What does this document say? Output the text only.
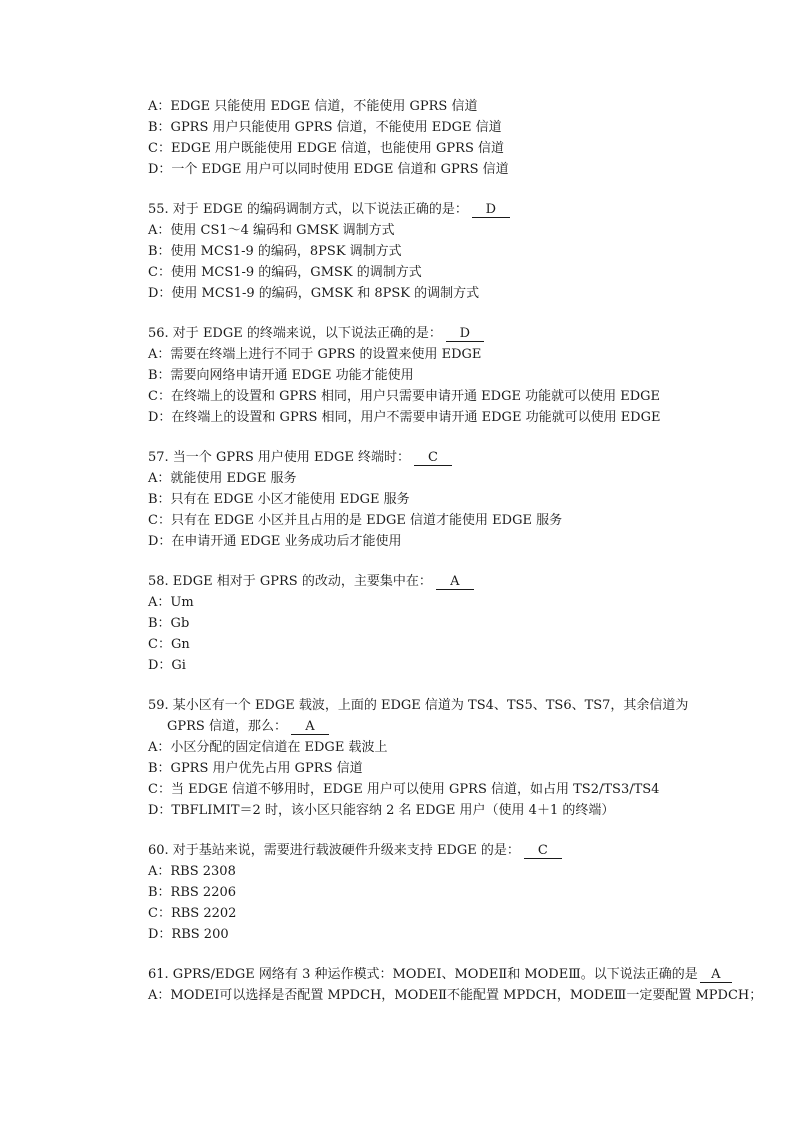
A：EDGE 只能使用 EDGE 信道，不能使用 GPRS 信道
B：GPRS 用户只能使用 GPRS 信道，不能使用 EDGE 信道
C：EDGE 用户既能使用 EDGE 信道，也能使用 GPRS 信道
D：一个 EDGE 用户可以同时使用 EDGE 信道和 GPRS 信道
55. 对于 EDGE 的编码调制方式，以下说法正确的是： D
A：使用 CS1～4 编码和 GMSK 调制方式
B：使用 MCS1-9 的编码，8PSK 调制方式
C：使用 MCS1-9 的编码，GMSK 的调制方式
D：使用 MCS1-9 的编码，GMSK 和 8PSK 的调制方式
56. 对于 EDGE 的终端来说，以下说法正确的是： D
A：需要在终端上进行不同于 GPRS 的设置来使用 EDGE
B：需要向网络申请开通 EDGE 功能才能使用
C：在终端上的设置和 GPRS 相同，用户只需要申请开通 EDGE 功能就可以使用 EDGE
D：在终端上的设置和 GPRS 相同，用户不需要申请开通 EDGE 功能就可以使用 EDGE
57. 当一个 GPRS 用户使用 EDGE 终端时： C
A：就能使用 EDGE 服务
B：只有在 EDGE 小区才能使用 EDGE 服务
C：只有在 EDGE 小区并且占用的是 EDGE 信道才能使用 EDGE 服务
D：在申请开通 EDGE 业务成功后才能使用
58. EDGE 相对于 GPRS 的改动，主要集中在： A
A：Um
B：Gb
C：Gn
D：Gi
59. 某小区有一个 EDGE 载波，上面的 EDGE 信道为 TS4、TS5、TS6、TS7，其余信道为
GPRS 信道，那么： A
A：小区分配的固定信道在 EDGE 载波上
B：GPRS 用户优先占用 GPRS 信道
C：当 EDGE 信道不够用时，EDGE 用户可以使用 GPRS 信道，如占用 TS2/TS3/TS4
D：TBFLIMIT＝2 时，该小区只能容纳 2 名 EDGE 用户（使用 4＋1 的终端）
60. 对于基站来说，需要进行载波硬件升级来支持 EDGE 的是： C
A：RBS 2308
B：RBS 2206
C：RBS 2202
D：RBS 200
61. GPRS/EDGE 网络有 3 种运作模式：MODEⅠ、MODEⅡ和 MODEⅢ。以下说法正确的是 A
A：MODEⅠ可以选择是否配置 MPDCH，MODEⅡ不能配置 MPDCH，MODEⅢ一定要配置 MPDCH；
